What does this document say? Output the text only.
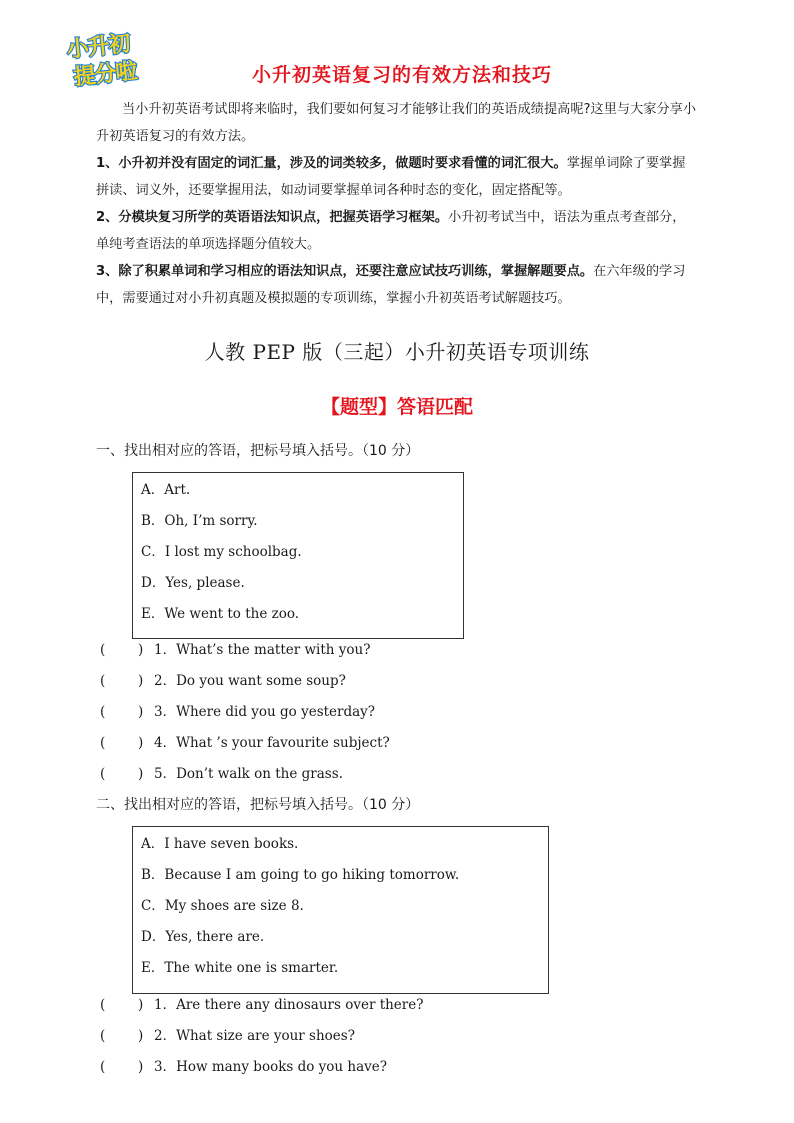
小升初
提分啦	小升初英语复习的有效方法和技巧

当小升初英语考试即将来临时，我们要如何复习才能够让我们的英语成绩提高呢?这里与大家分享小升初英语复习的有效方法。

1、小升初并没有固定的词汇量，涉及的词类较多，做题时要求看懂的词汇很大。掌握单词除了要掌握拼读、词义外，还要掌握用法，如动词要掌握单词各种时态的变化，固定搭配等。

2、分模块复习所学的英语语法知识点，把握英语学习框架。小升初考试当中，语法为重点考查部分，单纯考查语法的单项选择题分值较大。

3、除了积累单词和学习相应的语法知识点，还要注意应试技巧训练，掌握解题要点。在六年级的学习中，需要通过对小升初真题及模拟题的专项训练，掌握小升初英语考试解题技巧。

人教 PEP 版（三起）小升初英语专项训练
【题型】答语匹配
一、找出相对应的答语，把标号填入括号。（10 分）
A．Art.
B．Oh, I’m sorry.
C．I lost my schoolbag.
D．Yes, please.
E．We went to the zoo.
( ) 1．What’s the matter with you?
( ) 2．Do you want some soup?
( ) 3．Where did you go yesterday?
( ) 4．What ’s your favourite subject?
( ) 5．Don’t walk on the grass.
二、找出相对应的答语，把标号填入括号。（10 分）
A．I have seven books.
B．Because I am going to go hiking tomorrow.
C．My shoes are size 8.
D．Yes, there are.
E．The white one is smarter.
( ) 1．Are there any dinosaurs over there?
( ) 2．What size are your shoes?
( ) 3．How many books do you have?
